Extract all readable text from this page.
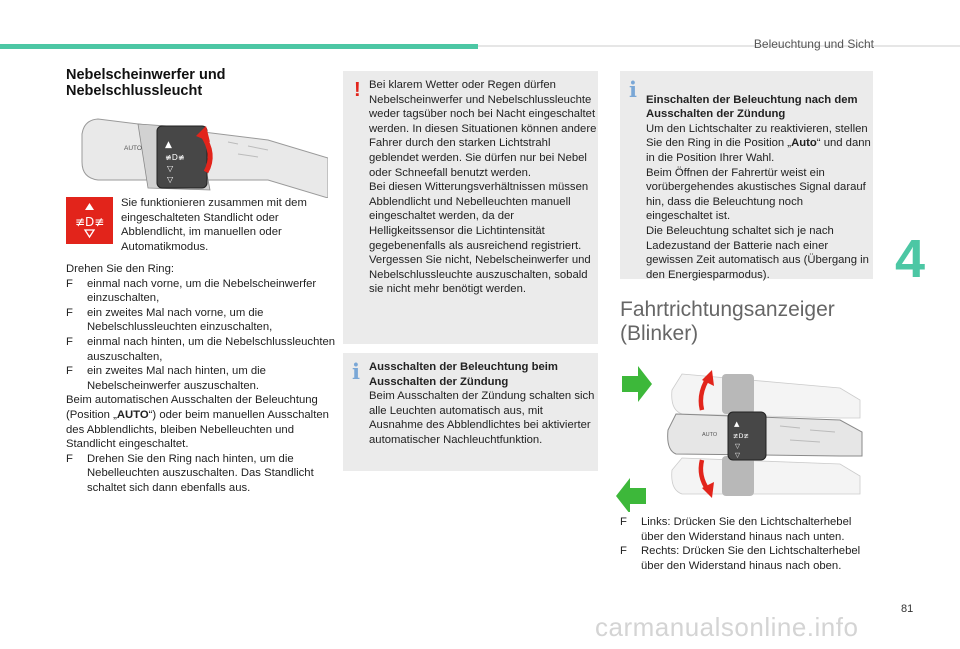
Beleuchtung und Sicht
4
Nebelscheinwerfer und Nebelschlussleucht
AUTO	▲
≢D≢
▽
▽
≢D≢
Sie funktionieren zusammen mit dem eingeschalteten Standlicht oder Abblendlicht, im manuellen oder Automatikmodus.
Drehen Sie den Ring:
F einmal nach vorne, um die Nebelscheinwerfer einzuschalten,
F ein zweites Mal nach vorne, um die Nebelschlussleuchten einzuschalten,
F einmal nach hinten, um die Nebelschlussleuchten auszuschalten,
F ein zweites Mal nach hinten, um die Nebelscheinwerfer auszuschalten.
Beim automatischen Ausschalten der Beleuchtung (Position „AUTO“) oder beim manuellen Ausschalten des Abblendlichts, bleiben Nebelleuchten und Standlicht eingeschaltet.
F Drehen Sie den Ring nach hinten, um die Nebelleuchten auszuschalten. Das Standlicht schaltet sich dann ebenfalls aus.
! Bei klarem Wetter oder Regen dürfen Nebelscheinwerfer und Nebelschlussleuchte weder tagsüber noch bei Nacht eingeschaltet werden. In diesen Situationen können andere Fahrer durch den starken Lichtstrahl geblendet werden. Sie dürfen nur bei Nebel oder Schneefall benutzt werden.
Bei diesen Witterungsverhältnissen müssen Abblendlicht und Nebelleuchten manuell eingeschaltet werden, da der Helligkeitssensor die Lichtintensität gegebenenfalls als ausreichend registriert.
Vergessen Sie nicht, Nebelscheinwerfer und Nebelschlussleuchte auszuschalten, sobald sie nicht mehr benötigt werden.
i Ausschalten der Beleuchtung beim Ausschalten der Zündung
Beim Ausschalten der Zündung schalten sich alle Leuchten automatisch aus, mit Ausnahme des Abblendlichtes bei aktivierter automatischer Nachleuchtfunktion.
i Einschalten der Beleuchtung nach dem Ausschalten der Zündung
Um den Lichtschalter zu reaktivieren, stellen Sie den Ring in die Position „Auto“ und dann in die Position Ihrer Wahl.
Beim Öffnen der Fahrertür weist ein vorübergehendes akustisches Signal darauf hin, dass die Beleuchtung noch eingeschaltet ist.
Die Beleuchtung schaltet sich je nach Ladezustand der Batterie nach einer gewissen Zeit automatisch aus (Übergang in den Energiesparmodus).

Fahrtrichtungsanzeiger (Blinker)
AUTO
▲
≢D≢
▽
▽
F Links: Drücken Sie den Lichtschalterhebel über den Widerstand hinaus nach unten.
F Rechts: Drücken Sie den Lichtschalterhebel über den Widerstand hinaus nach oben.
81
carmanualsonline.info
